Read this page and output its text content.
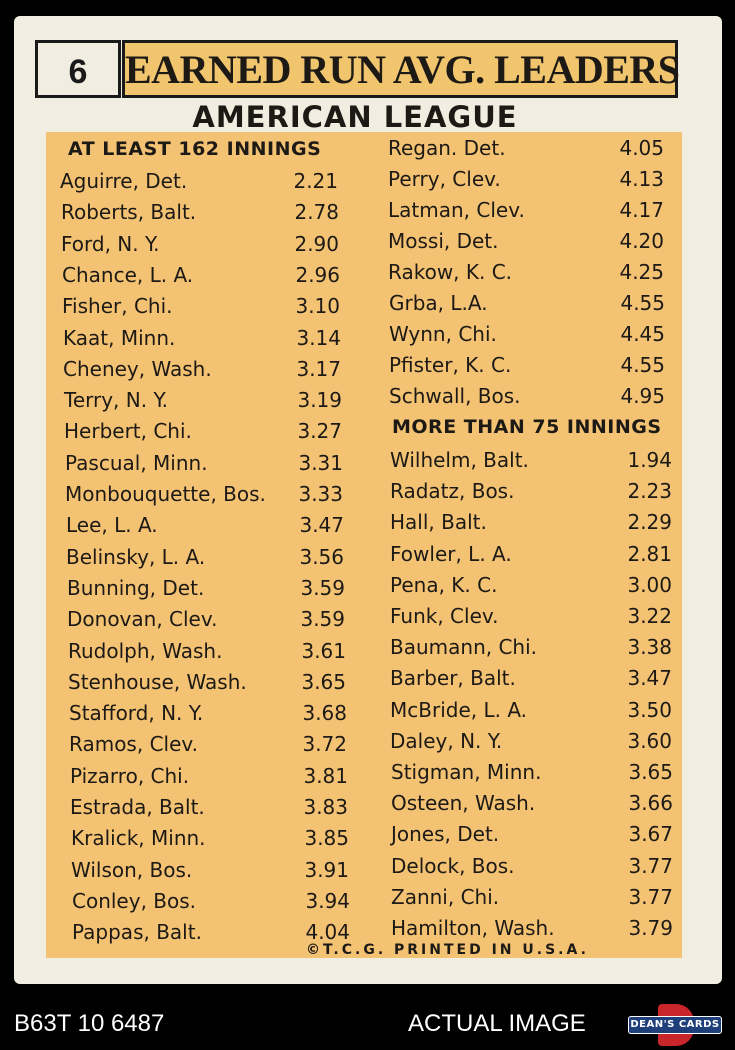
6 EARNED RUN AVG. LEADERS
AMERICAN LEAGUE
AT LEAST 162 INNINGS
Aguirre, Det.	2.21
Roberts, Balt.	2.78
Ford, N. Y.	2.90
Chance, L. A.	2.96
Fisher, Chi.	3.10
Kaat, Minn.	3.14
Cheney, Wash.	3.17
Terry, N. Y.	3.19
Herbert, Chi.	3.27
Pascual, Minn.	3.31
Monbouquette, Bos.	3.33
Lee, L. A.	3.47
Belinsky, L. A.	3.56
Bunning, Det.	3.59
Donovan, Clev.	3.59
Rudolph, Wash.	3.61
Stenhouse, Wash.	3.65
Stafford, N. Y.	3.68
Ramos, Clev.	3.72
Pizarro, Chi.	3.81
Estrada, Balt.	3.83
Kralick, Minn.	3.85
Wilson, Bos.	3.91
Conley, Bos.	3.94
Pappas, Balt.	4.04
Regan. Det.	4.05
Perry, Clev.	4.13
Latman, Clev.	4.17
Mossi, Det.	4.20
Rakow, K. C.	4.25
Grba, L.A.	4.55
Wynn, Chi.	4.45
Pfister, K. C.	4.55
Schwall, Bos.	4.95
MORE THAN 75 INNINGS
Wilhelm, Balt.	1.94
Radatz, Bos.	2.23
Hall, Balt.	2.29
Fowler, L. A.	2.81
Pena, K. C.	3.00
Funk, Clev.	3.22
Baumann, Chi.	3.38
Barber, Balt.	3.47
McBride, L. A.	3.50
Daley, N. Y.	3.60
Stigman, Minn.	3.65
Osteen, Wash.	3.66
Jones, Det.	3.67
Delock, Bos.	3.77
Zanni, Chi.	3.77
Hamilton, Wash.	3.79
©T.C.G. PRINTED IN U.S.A.
B63T 10 6487	ACTUAL IMAGE	DEAN'S CARDS
